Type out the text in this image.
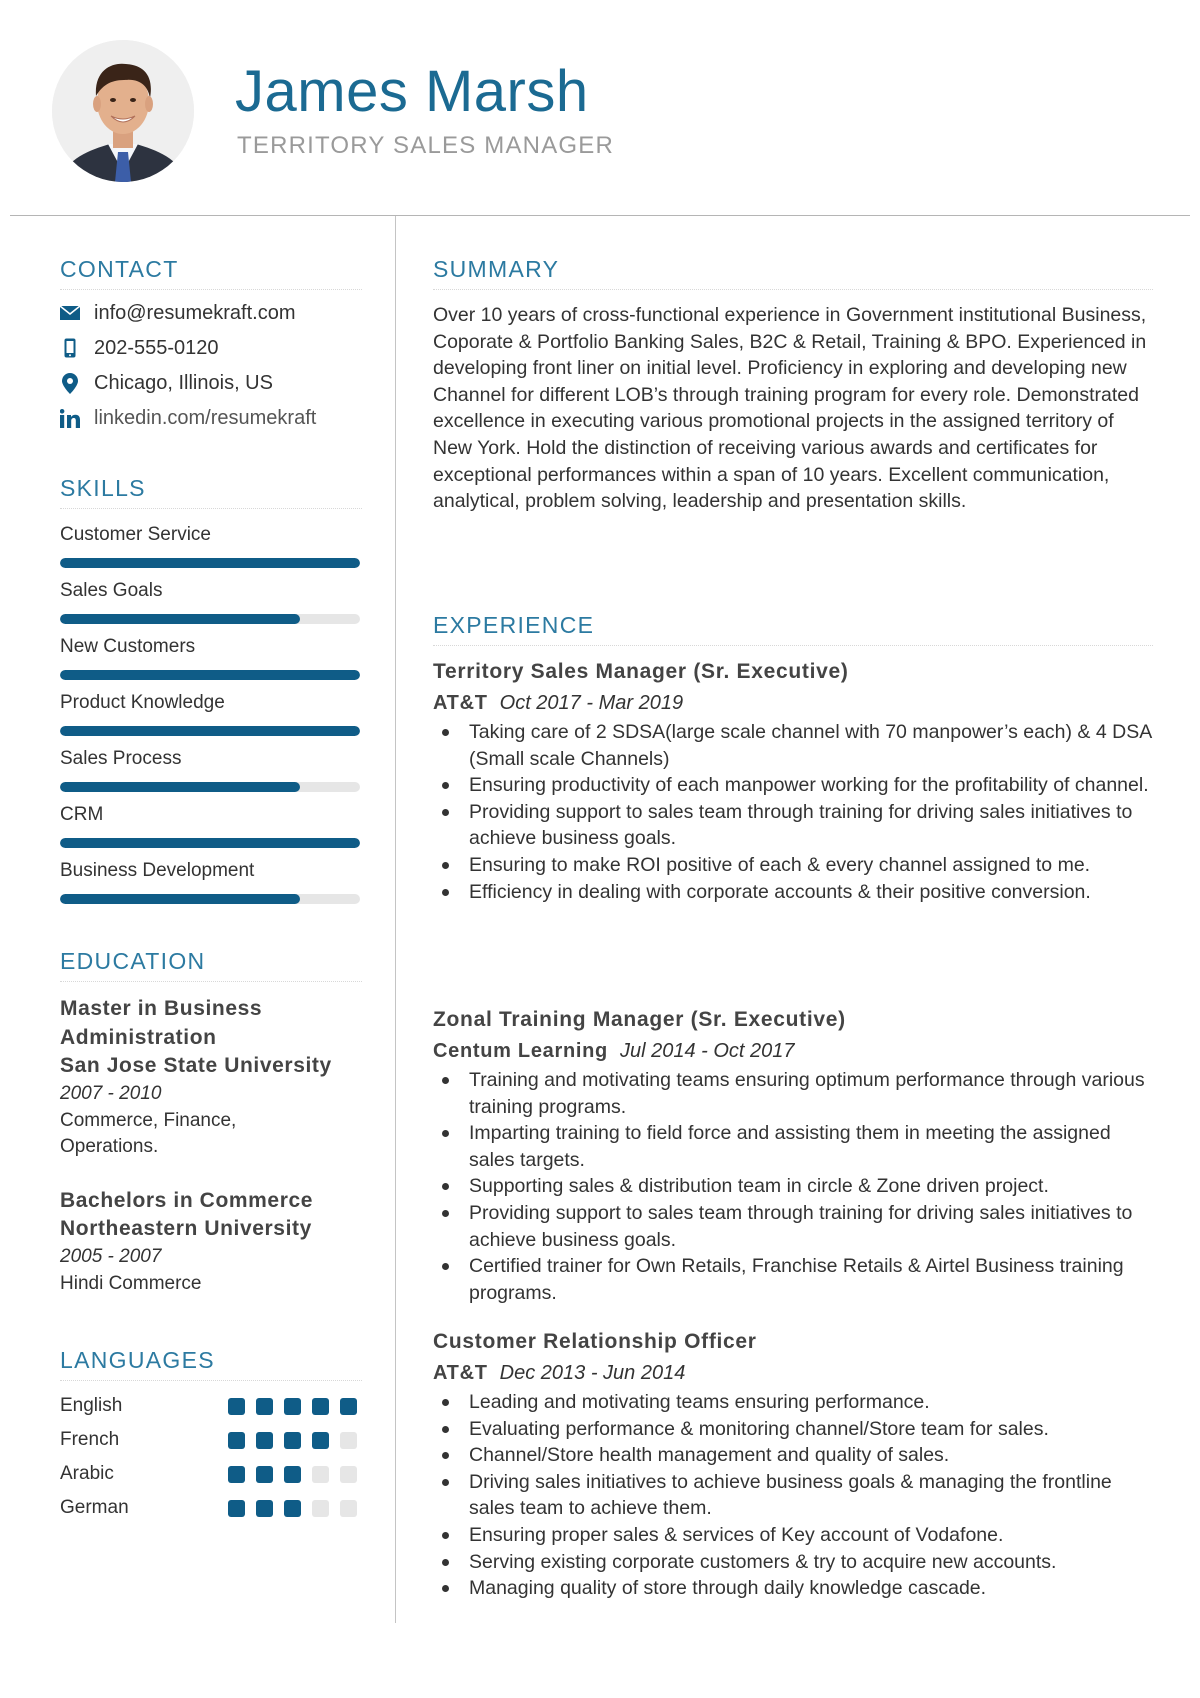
James Marsh
TERRITORY SALES MANAGER
CONTACT
info@resumekraft.com
202-555-0120
Chicago, Illinois, US
linkedin.com/resumekraft
SKILLS
Customer Service
Sales Goals
New Customers
Product Knowledge
Sales Process
CRM
Business Development
EDUCATION
Master in Business Administration
San Jose State University
2007 - 2010
Commerce, Finance, Operations.
Bachelors in Commerce
Northeastern University
2005 - 2007
Hindi Commerce
LANGUAGES
English
French
Arabic
German
SUMMARY
Over 10 years of cross-functional experience in Government institutional Business, Coporate & Portfolio Banking Sales, B2C & Retail, Training & BPO. Experienced in developing front liner on initial level. Proficiency in exploring and developing new Channel for different LOB’s through training program for every role. Demonstrated excellence in executing various promotional projects in the assigned territory of New York. Hold the distinction of receiving various awards and certificates for exceptional performances within a span of 10 years. Excellent communication, analytical, problem solving, leadership and presentation skills.
EXPERIENCE
Territory Sales Manager (Sr. Executive)
AT&T Oct 2017 - Mar 2019
Taking care of 2 SDSA(large scale channel with 70 manpower’s each) & 4 DSA (Small scale Channels)
Ensuring productivity of each manpower working for the profitability of channel.
Providing support to sales team through training for driving sales initiatives to achieve business goals.
Ensuring to make ROI positive of each & every channel assigned to me.
Efficiency in dealing with corporate accounts & their positive conversion.
Zonal Training Manager (Sr. Executive)
Centum Learning Jul 2014 - Oct 2017
Training and motivating teams ensuring optimum performance through various training programs.
Imparting training to field force and assisting them in meeting the assigned sales targets.
Supporting sales & distribution team in circle & Zone driven project.
Providing support to sales team through training for driving sales initiatives to achieve business goals.
Certified trainer for Own Retails, Franchise Retails & Airtel Business training programs.
Customer Relationship Officer
AT&T Dec 2013 - Jun 2014
Leading and motivating teams ensuring performance.
Evaluating performance & monitoring channel/Store team for sales.
Channel/Store health management and quality of sales.
Driving sales initiatives to achieve business goals & managing the frontline sales team to achieve them.
Ensuring proper sales & services of Key account of Vodafone.
Serving existing corporate customers & try to acquire new accounts.
Managing quality of store through daily knowledge cascade.
